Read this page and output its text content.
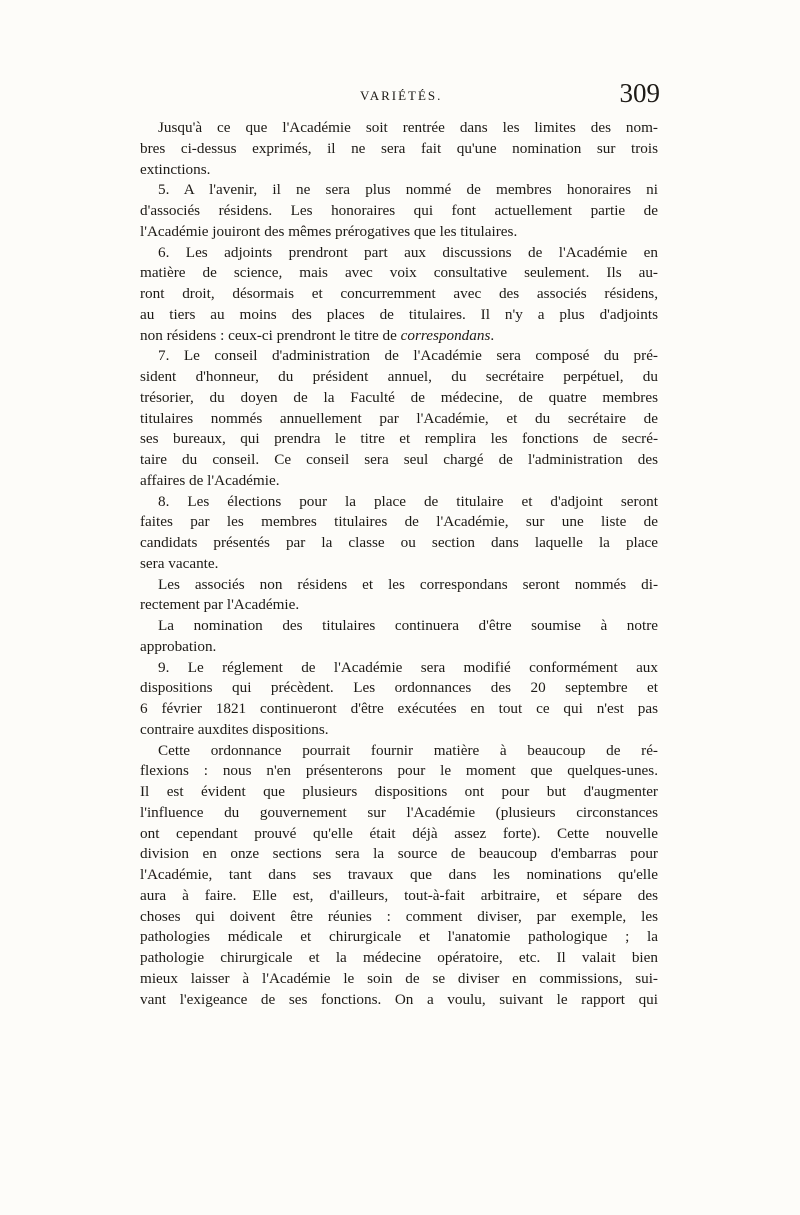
VARIÉTÉS.	309
Jusqu'à ce que l'Académie soit rentrée dans les limites des nom-
bres ci-dessus exprimés, il ne sera fait qu'une nomination sur trois
extinctions.
5. A l'avenir, il ne sera plus nommé de membres honoraires ni
d'associés résidens. Les honoraires qui font actuellement partie de
l'Académie jouiront des mêmes prérogatives que les titulaires.
6. Les adjoints prendront part aux discussions de l'Académie en
matière de science, mais avec voix consultative seulement. Ils au-
ront droit, désormais et concurremment avec des associés résidens,
au tiers au moins des places de titulaires. Il n'y a plus d'adjoints
non résidens : ceux-ci prendront le titre de correspondans.
7. Le conseil d'administration de l'Académie sera composé du pré-
sident d'honneur, du président annuel, du secrétaire perpétuel, du
trésorier, du doyen de la Faculté de médecine, de quatre membres
titulaires nommés annuellement par l'Académie, et du secrétaire de
ses bureaux, qui prendra le titre et remplira les fonctions de secré-
taire du conseil. Ce conseil sera seul chargé de l'administration des
affaires de l'Académie.
8. Les élections pour la place de titulaire et d'adjoint seront
faites par les membres titulaires de l'Académie, sur une liste de
candidats présentés par la classe ou section dans laquelle la place
sera vacante.
Les associés non résidens et les correspondans seront nommés di-
rectement par l'Académie.
La nomination des titulaires continuera d'être soumise à notre
approbation.
9. Le réglement de l'Académie sera modifié conformément aux
dispositions qui précèdent. Les ordonnances des 20 septembre et
6 février 1821 continueront d'être exécutées en tout ce qui n'est pas
contraire auxdites dispositions.
Cette ordonnance pourrait fournir matière à beaucoup de ré-
flexions : nous n'en présenterons pour le moment que quelques-unes.
Il est évident que plusieurs dispositions ont pour but d'augmenter
l'influence du gouvernement sur l'Académie (plusieurs circonstances
ont cependant prouvé qu'elle était déjà assez forte). Cette nouvelle
division en onze sections sera la source de beaucoup d'embarras pour
l'Académie, tant dans ses travaux que dans les nominations qu'elle
aura à faire. Elle est, d'ailleurs, tout-à-fait arbitraire, et sépare des
choses qui doivent être réunies : comment diviser, par exemple, les
pathologies médicale et chirurgicale et l'anatomie pathologique ; la
pathologie chirurgicale et la médecine opératoire, etc. Il valait bien
mieux laisser à l'Académie le soin de se diviser en commissions, sui-
vant l'exigeance de ses fonctions. On a voulu, suivant le rapport qui
